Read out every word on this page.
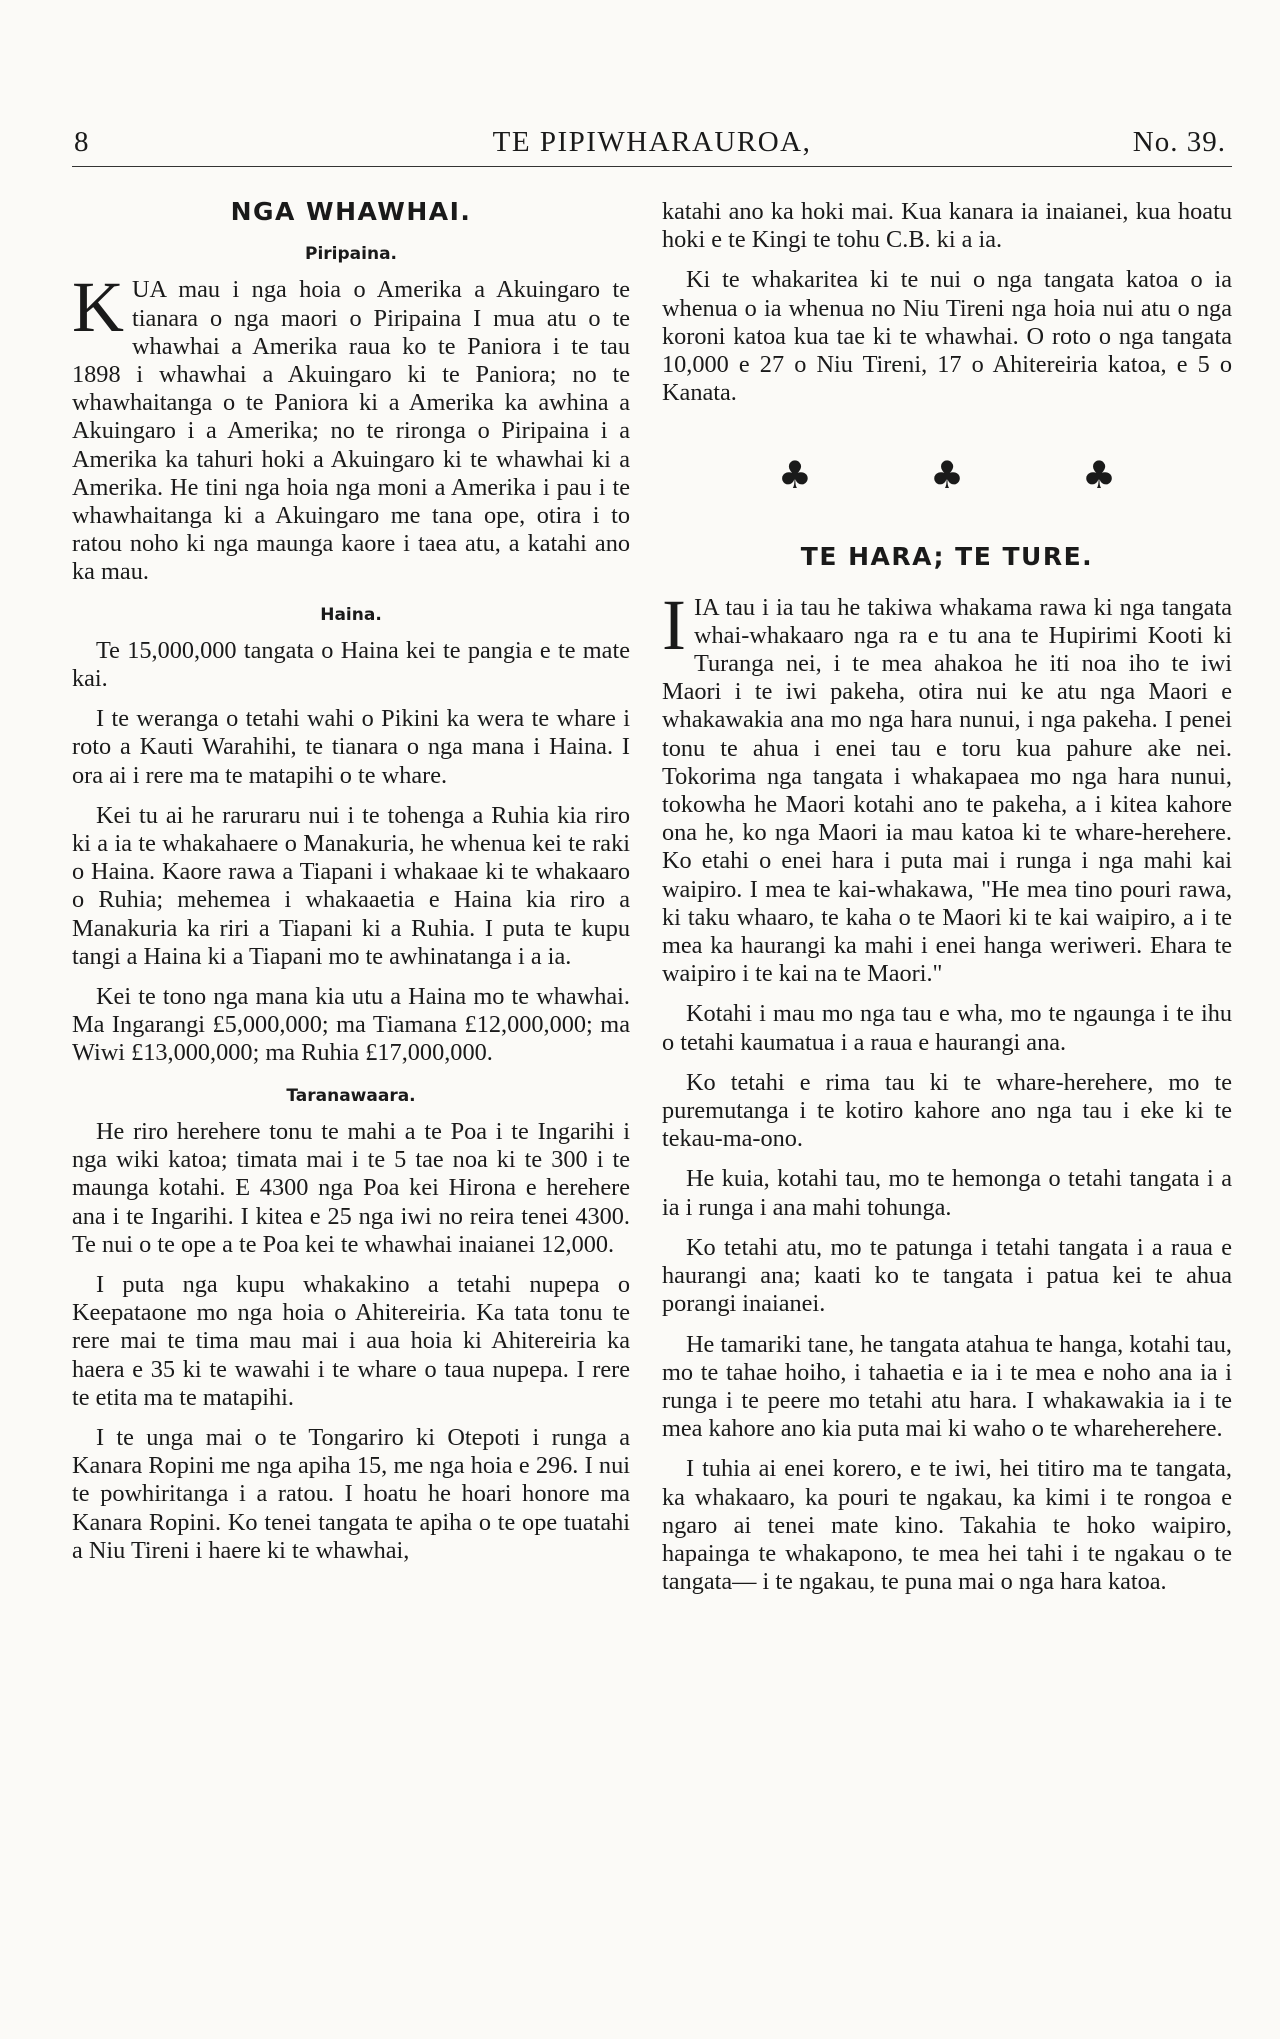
8	TE PIPIWHARAUROA,	No. 39.
NGA WHAWHAI.
Piripaina.

KUA mau i nga hoia o Amerika a Akuingaro te tianara o nga maori o Piripaina I mua atu o te whawhai a Amerika raua ko te Paniora i te tau 1898 i whawhai a Akuingaro ki te Paniora; no te whawhaitanga o te Paniora ki a Amerika ka awhina a Akuingaro i a Amerika; no te rironga o Piripaina i a Amerika ka tahuri hoki a Akuingaro ki te whawhai ki a Amerika. He tini nga hoia nga moni a Amerika i pau i te whawhaitanga ki a Akuingaro me tana ope, otira i to ratou noho ki nga maunga kaore i taea atu, a katahi ano ka mau.

Haina.

Te 15,000,000 tangata o Haina kei te pangia e te mate kai.

I te weranga o tetahi wahi o Pikini ka wera te whare i roto a Kauti Warahihi, te tianara o nga mana i Haina. I ora ai i rere ma te matapihi o te whare.

Kei tu ai he raruraru nui i te tohenga a Ruhia kia riro ki a ia te whakahaere o Manakuria, he whenua kei te raki o Haina. Kaore rawa a Tiapani i whakaae ki te whakaaro o Ruhia; mehemea i whakaaetia e Haina kia riro a Manakuria ka riri a Tiapani ki a Ruhia. I puta te kupu tangi a Haina ki a Tiapani mo te awhinatanga i a ia.

Kei te tono nga mana kia utu a Haina mo te whawhai. Ma Ingarangi £5,000,000; ma Tiamana £12,000,000; ma Wiwi £13,000,000; ma Ruhia £17,000,000.

Taranawaara.

He riro herehere tonu te mahi a te Poa i te Ingarihi i nga wiki katoa; timata mai i te 5 tae noa ki te 300 i te maunga kotahi. E 4300 nga Poa kei Hirona e herehere ana i te Ingarihi. I kitea e 25 nga iwi no reira tenei 4300. Te nui o te ope a te Poa kei te whawhai inaianei 12,000.

I puta nga kupu whakakino a tetahi nupepa o Keepataone mo nga hoia o Ahitereiria. Ka tata tonu te rere mai te tima mau mai i aua hoia ki Ahitereiria ka haera e 35 ki te wawahi i te whare o taua nupepa. I rere te etita ma te matapihi.

I te unga mai o te Tongariro ki Otepoti i runga a Kanara Ropini me nga apiha 15, me nga hoia e 296. I nui te powhiritanga i a ratou. I hoatu he hoari honore ma Kanara Ropini. Ko tenei tangata te apiha o te ope tuatahi a Niu Tireni i haere ki te whawhai,

katahi ano ka hoki mai. Kua kanara ia inaianei, kua hoatu hoki e te Kingi te tohu C.B. ki a ia.

Ki te whakaritea ki te nui o nga tangata katoa o ia whenua o ia whenua no Niu Tireni nga hoia nui atu o nga koroni katoa kua tae ki te whawhai. O roto o nga tangata 10,000 e 27 o Niu Tireni, 17 o Ahitereiria katoa, e 5 o Kanata.

♣	♣	♣
TE HARA; TE TURE.

IIA tau i ia tau he takiwa whakama rawa ki nga tangata whai-whakaaro nga ra e tu ana te Hupirimi Kooti ki Turanga nei, i te mea ahakoa he iti noa iho te iwi Maori i te iwi pakeha, otira nui ke atu nga Maori e whakawakia ana mo nga hara nunui, i nga pakeha. I penei tonu te ahua i enei tau e toru kua pahure ake nei. Tokorima nga tangata i whakapaea mo nga hara nunui, tokowha he Maori kotahi ano te pakeha, a i kitea kahore ona he, ko nga Maori ia mau katoa ki te whare-herehere. Ko etahi o enei hara i puta mai i runga i nga mahi kai waipiro. I mea te kai-whakawa, "He mea tino pouri rawa, ki taku whaaro, te kaha o te Maori ki te kai waipiro, a i te mea ka haurangi ka mahi i enei hanga weriweri. Ehara te waipiro i te kai na te Maori."

Kotahi i mau mo nga tau e wha, mo te ngaunga i te ihu o tetahi kaumatua i a raua e haurangi ana.

Ko tetahi e rima tau ki te whare-herehere, mo te puremutanga i te kotiro kahore ano nga tau i eke ki te tekau-ma-ono.

He kuia, kotahi tau, mo te hemonga o tetahi tangata i a ia i runga i ana mahi tohunga.

Ko tetahi atu, mo te patunga i tetahi tangata i a raua e haurangi ana; kaati ko te tangata i patua kei te ahua porangi inaianei.

He tamariki tane, he tangata atahua te hanga, kotahi tau, mo te tahae hoiho, i tahaetia e ia i te mea e noho ana ia i runga i te peere mo tetahi atu hara. I whakawakia ia i te mea kahore ano kia puta mai ki waho o te whareherehere.

I tuhia ai enei korero, e te iwi, hei titiro ma te tangata, ka whakaaro, ka pouri te ngakau, ka kimi i te rongoa e ngaro ai tenei mate kino. Takahia te hoko waipiro, hapainga te whakapono, te mea hei tahi i te ngakau o te tangata— i te ngakau, te puna mai o nga hara katoa.
